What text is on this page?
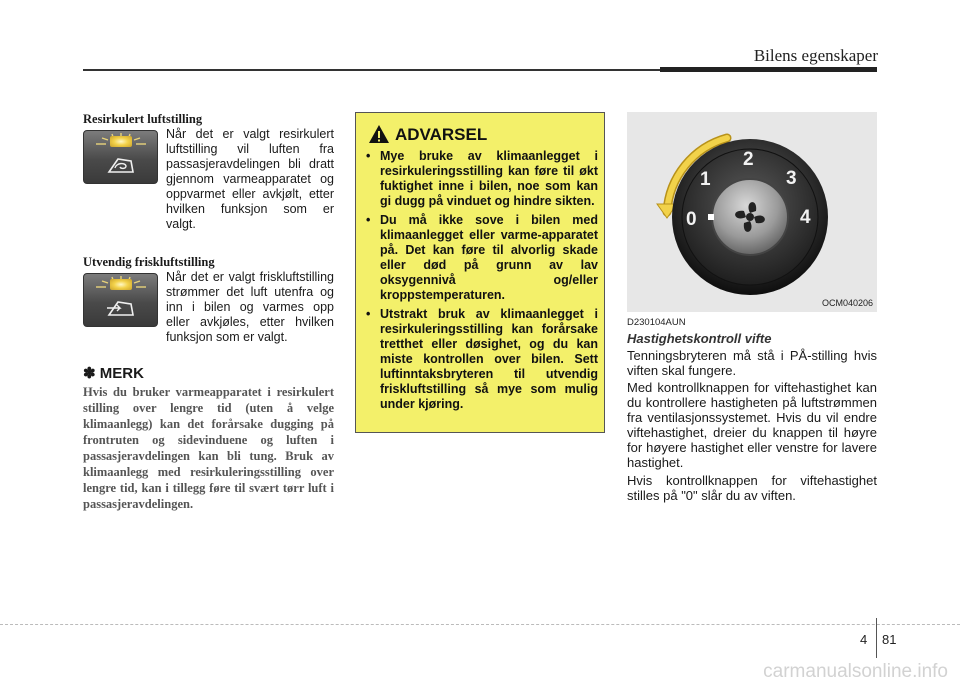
Bilens egenskaper
Resirkulert luftstilling
Når det er valgt resirkulert
luftstilling vil luften fra
passasjeravdelingen bli dratt
gjennom varmeapparatet og
oppvarmet eller avkjølt, etter
hvilken funksjon som er
valgt.
Utvendig friskluftstilling
Når det er valgt friskluftstilling
strømmer det luft utenfra og
inn i bilen og varmes opp
eller avkjøles, etter hvilken
funksjon som er valgt.
✽ MERK
Hvis du bruker varmeapparatet i resirkulert stilling over lengre tid (uten å velge klimaanlegg) kan det forårsake dugging på frontruten og sidevinduene og luften i passasjeravdelingen kan bli tung. Bruk av klimaanlegg med resirkuleringsstilling over lengre tid, kan i tillegg føre til svært tørr luft i passasjeravdelingen.
ADVARSEL
• Mye bruke av klimaanlegget i resirkuleringsstilling kan føre til økt fuktighet inne i bilen, noe som kan gi dugg på vinduet og hindre sikten.
• Du må ikke sove i bilen med klimaanlegget eller varme-apparatet på. Det kan føre til alvorlig skade eller død på grunn av lav oksygennivå og/eller kroppstemperaturen.
• Utstrakt bruk av klimaanlegget i resirkuleringsstilling kan forårsake tretthet eller døsighet, og du kan miste kontrollen over bilen. Sett luftinntaksbryteren til utvendig friskluftstilling så mye som mulig under kjøring.
0
1
2
3
4
OCM040206
D230104AUN
Hastighetskontroll vifte
Tenningsbryteren må stå i PÅ-stilling hvis viften skal fungere.
Med kontrollknappen for viftehastighet kan du kontrollere hastigheten på luftstrømmen fra ventilasjonssystemet. Hvis du vil endre viftehastighet, dreier du knappen til høyre for høyere hastighet eller venstre for lavere hastighet.
Hvis kontrollknappen for viftehastighet stilles på "0" slår du av viften.
4 81
carmanualsonline.info
